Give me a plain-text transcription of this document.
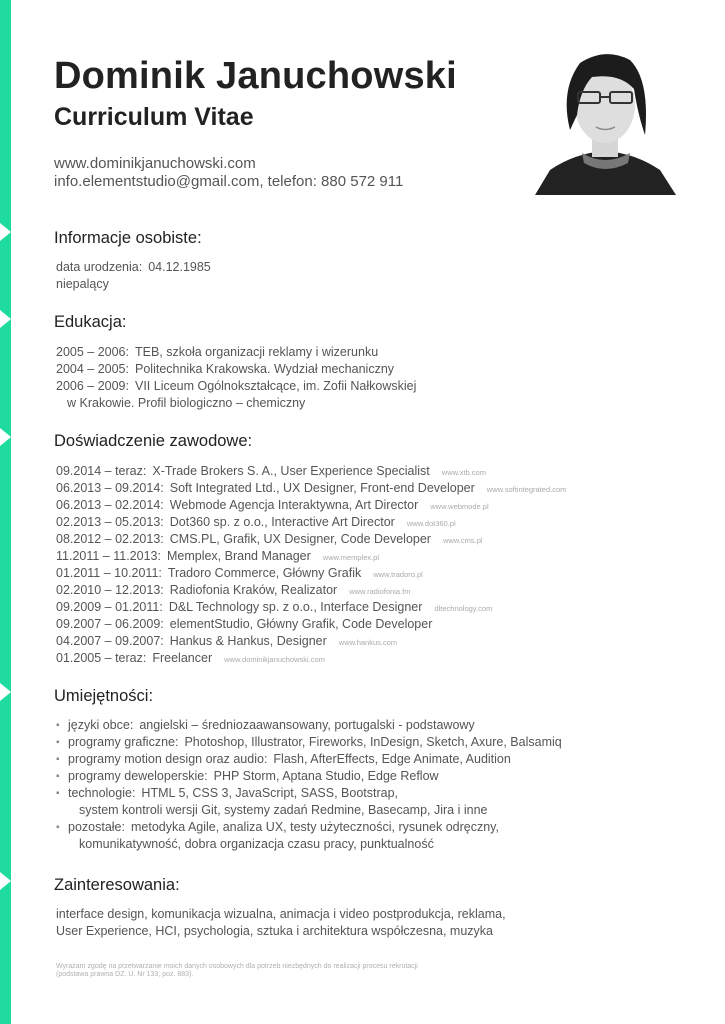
Dominik Januchowski
Curriculum Vitae
www.dominikjanuchowski.com
info.elementstudio@gmail.com, telefon: 880 572 911
Informacje osobiste:
data urodzenia: 04.12.1985
niepalący
Edukacja:
2005 – 2006: TEB, szkoła organizacji reklamy i wizerunku
2004 – 2005: Politechnika Krakowska. Wydział mechaniczny
2006 – 2009: VII Liceum Ogólnokształcące, im. Zofii Nałkowskiej
w Krakowie. Profil biologiczno – chemiczny
Doświadczenie zawodowe:
09.2014 – teraz: X-Trade Brokers S. A., User Experience Specialist www.xtb.com
06.2013 – 09.2014: Soft Integrated Ltd., UX Designer, Front-end Developer www.softintegrated.com
06.2013 – 02.2014: Webmode Agencja Interaktywna, Art Director www.webmode.pl
02.2013 – 05.2013: Dot360 sp. z o.o., Interactive Art Director www.dot360.pl
08.2012 – 02.2013: CMS.PL, Grafik, UX Designer, Code Developer www.cms.pl
11.2011 – 11.2013: Memplex, Brand Manager www.memplex.pl
01.2011 – 10.2011: Tradoro Commerce, Główny Grafik www.tradoro.pl
02.2010 – 12.2013: Radiofonia Kraków, Realizator www.radiofonia.fm
09.2009 – 01.2011: D&L Technology sp. z o.o., Interface Designer dltechnology.com
09.2007 – 06.2009: elementStudio, Główny Grafik, Code Developer
04.2007 – 09.2007: Hankus & Hankus, Designer www.hankus.com
01.2005 – teraz: Freelancer www.dominikjanuchowski.com
Umiejętności:
▪ języki obce: angielski – średniozaawansowany, portugalski - podstawowy
▪ programy graficzne: Photoshop, Illustrator, Fireworks, InDesign, Sketch, Axure, Balsamiq
▪ programy motion design oraz audio: Flash, AfterEffects, Edge Animate, Audition
▪ programy deweloperskie: PHP Storm, Aptana Studio, Edge Reflow
▪ technologie: HTML 5, CSS 3, JavaScript, SASS, Bootstrap,
system kontroli wersji Git, systemy zadań Redmine, Basecamp, Jira i inne
▪ pozostałe: metodyka Agile, analiza UX, testy użyteczności, rysunek odręczny,
komunikatywność, dobra organizacja czasu pracy, punktualność
Zainteresowania:
interface design, komunikacja wizualna, animacja i video postprodukcja, reklama,
User Experience, HCI, psychologia, sztuka i architektura współczesna, muzyka
Wyrażam zgodę na przetwarzanie moich danych osobowych dla potrzeb niezbędnych do realizacji procesu rekrutacji
(podstawa prawna DZ. U. Nr 133, poz. 883).
